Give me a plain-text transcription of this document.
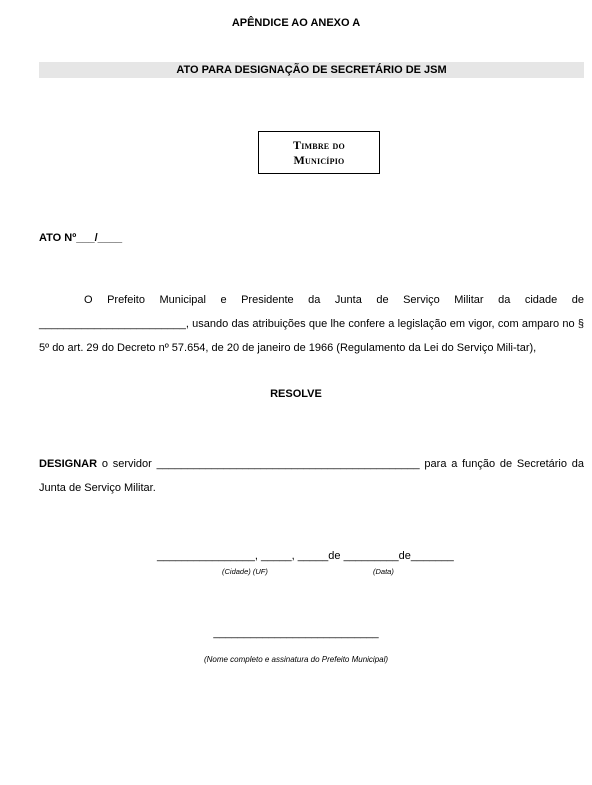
APÊNDICE AO ANEXO A
ATO PARA DESIGNAÇÃO DE SECRETÁRIO DE JSM
Timbre do
Município
ATO Nº___/____
O Prefeito Municipal e Presidente da Junta de Serviço Militar da cidade de ________________________, usando das atribuições que lhe confere a legislação em vigor, com amparo no § 5º do art. 29 do Decreto nº 57.654, de 20 de janeiro de 1966 (Regulamento da Lei do Serviço Mili-tar),
RESOLVE
DESIGNAR o servidor ___________________________________________ para a função de Secretário da Junta de Serviço Militar.
________________, _____, _____de _________de_______
(Cidade) (UF)	(Data)
___________________________
(Nome completo e assinatura do Prefeito Municipal)
